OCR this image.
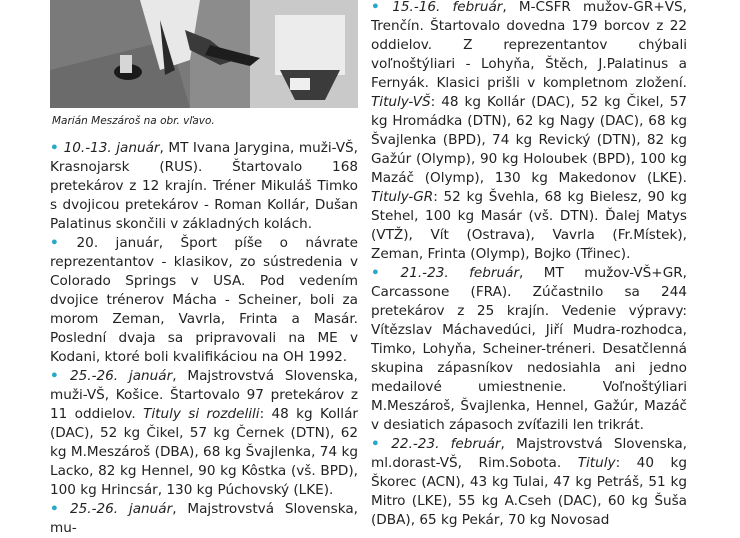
Marián Meszároš na obr. vľavo.

• 10.-13. január, MT Ivana Jarygina, muži-VŠ, Krasnojarsk (RUS). Štartovalo 168 pretekárov z 12 krajín. Tréner Mikuláš Timko s dvojicou pretekárov - Roman Kollár, Dušan Palatinus skončili v základných kolách.

• 20. január, Šport píše o návrate reprezentantov - klasikov, zo sústredenia v Colorado Springs v USA. Pod vedením dvojice trénerov Mácha - Scheiner, boli za morom Zeman, Vavrla, Frinta a Masár. Poslední dvaja sa pripravovali na ME v Kodani, ktoré boli kvalifikáciou na OH 1992.

• 25.-26. január, Majstrovstvá Slovenska, muži-VŠ, Košice. Štartovalo 97 pretekárov z 11 oddielov. Tituly si rozdelili: 48 kg Kollár (DAC), 52 kg Čikel, 57 kg Černek (DTN), 62 kg M.Meszároš (DBA), 68 kg Švajlenka, 74 kg Lacko, 82 kg Hennel, 90 kg Kôstka (vš. BPD), 100 kg Hrincsár, 130 kg Púchovský (LKE).

• 25.-26. január, Majstrovstvá Slovenska, mu-

• 15.-16. február, M-ČSFR mužov-GR+VŠ, Trenčín. Štartovalo dovedna 179 borcov z 22 oddielov. Z reprezentantov chýbali voľnoštýliari - Lohyňa, Štěch, J.Palatinus a Fernyák. Klasici prišli v kompletnom zložení. Tituly-VŠ: 48 kg Kollár (DAC), 52 kg Čikel, 57 kg Hromádka (DTN), 62 kg Nagy (DAC), 68 kg Švajlenka (BPD), 74 kg Revický (DTN), 82 kg Gažúr (Olymp), 90 kg Holoubek (BPD), 100 kg Mazáč (Olymp), 130 kg Makedonov (LKE). Tituly-GR: 52 kg Švehla, 68 kg Bielesz, 90 kg Stehel, 100 kg Masár (vš. DTN). Ďalej Matys (VTŽ), Vít (Ostrava), Vavrla (Fr.Místek), Zeman, Frinta (Olymp), Bojko (Třinec).

• 21.-23. február, MT mužov-VŠ+GR, Carcassone (FRA). Zúčastnilo sa 244 pretekárov z 25 krajín. Vedenie výpravy: Vítězslav Máchavedúci, Jiří Mudra-rozhodca, Timko, Lohyňa, Scheiner-tréneri. Desatčlenná skupina zápasníkov nedosiahla ani jedno medailové umiestnenie. Voľnoštýliari M.Meszároš, Švajlenka, Hennel, Gažúr, Mazáč v desiatich zápasoch zvíťazili len trikrát.

• 22.-23. február, Majstrovstvá Slovenska, ml.dorast-VŠ, Rim.Sobota. Tituly: 40 kg Škorec (ACN), 43 kg Tulai, 47 kg Petráš, 51 kg Mitro (LKE), 55 kg A.Cseh (DAC), 60 kg Šuša (DBA), 65 kg Pekár, 70 kg Novosad
